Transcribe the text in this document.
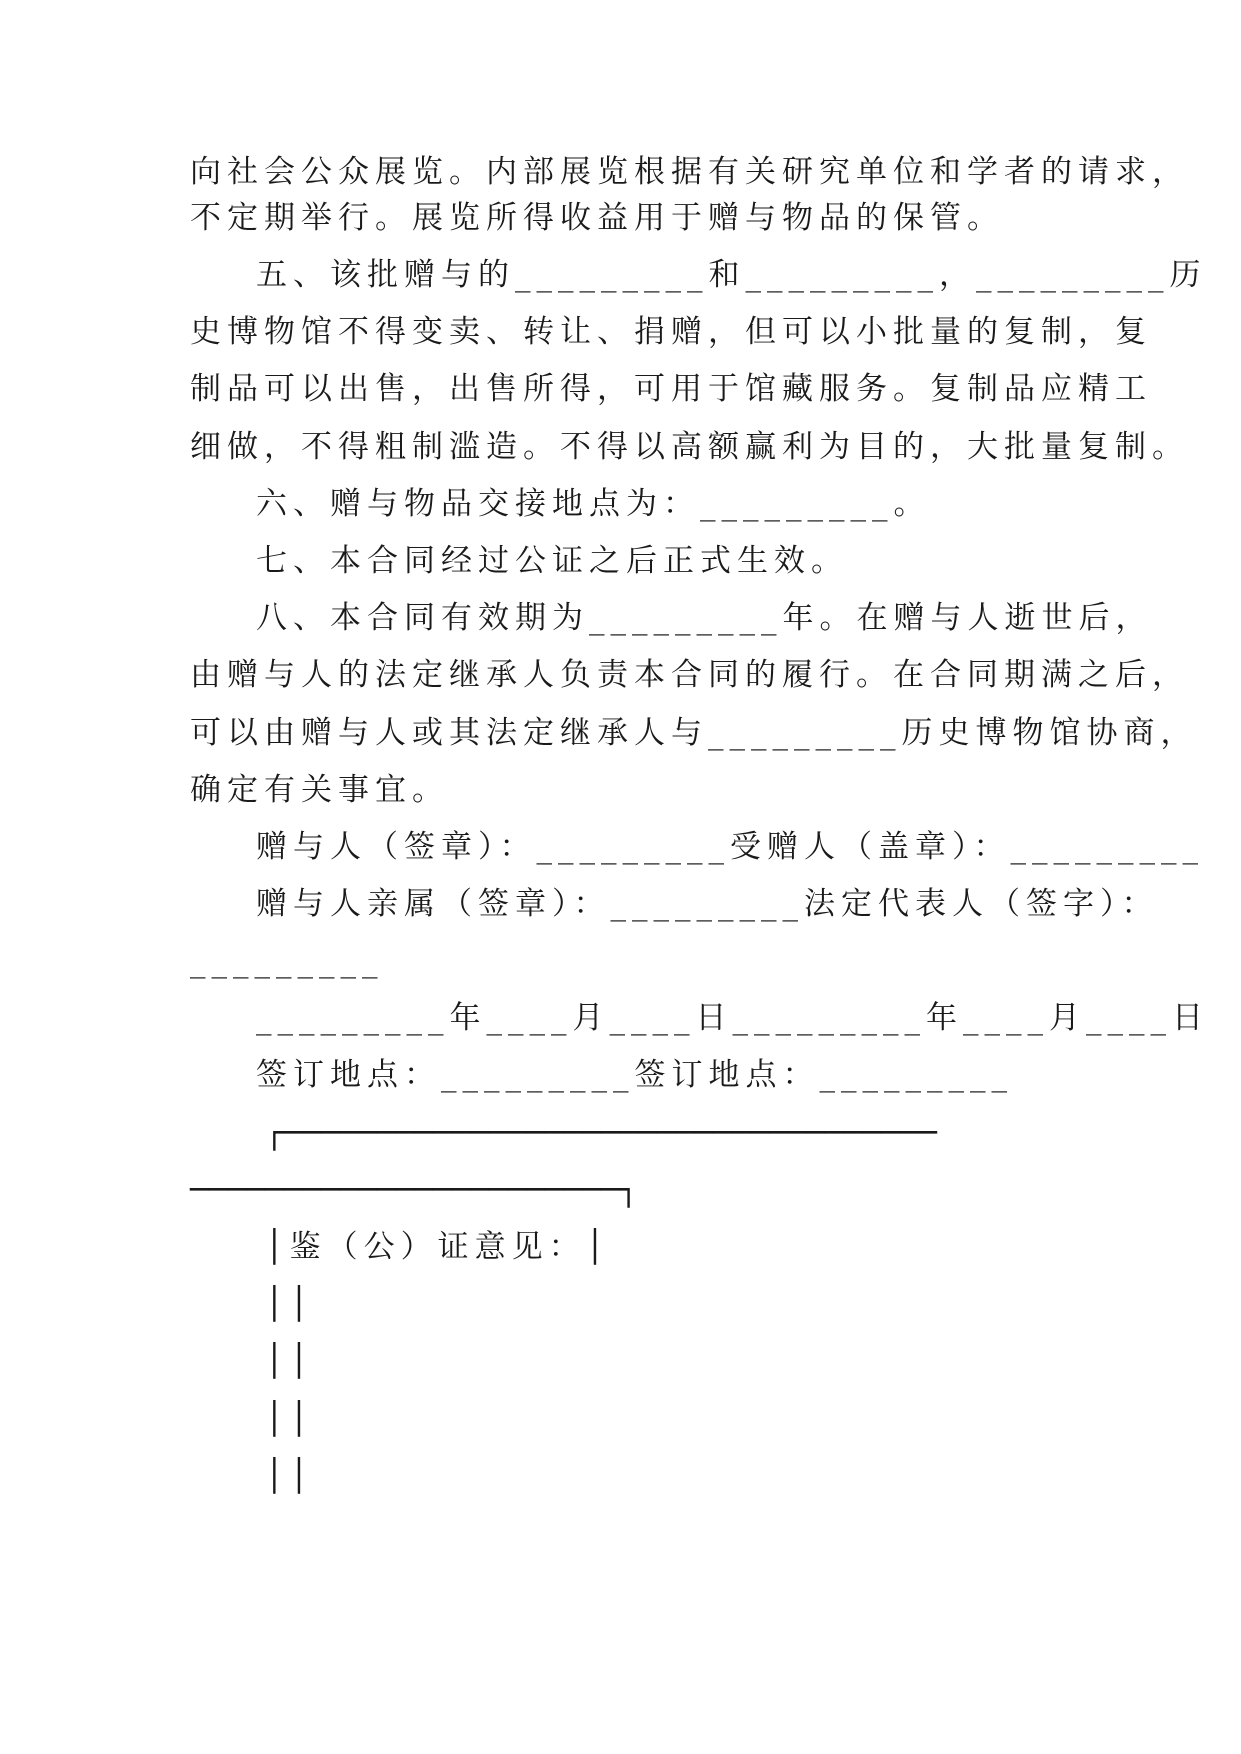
向社会公众展览。内部展览根据有关研究单位和学者的请求，
不定期举行。展览所得收益用于赠与物品的保管。
五、该批赠与的_________和_________，_________历
史博物馆不得变卖、转让、捐赠，但可以小批量的复制，复
制品可以出售，出售所得，可用于馆藏服务。复制品应精工
细做，不得粗制滥造。不得以高额赢利为目的，大批量复制。
六、赠与物品交接地点为：_________。
七、本合同经过公证之后正式生效。
八、本合同有效期为_________年。在赠与人逝世后，
由赠与人的法定继承人负责本合同的履行。在合同期满之后，
可以由赠与人或其法定继承人与_________历史博物馆协商，
确定有关事宜。
赠与人（签章）：_________受赠人（盖章）：_________
赠与人亲属（签章）：_________法定代表人（签字）：
_________
_________年____月____日_________年____月____日
签订地点：_________签订地点：_________
┌───────────────────────────────────
───────────────────────┐
│鉴（公）证意见：│
││
││
││
││
